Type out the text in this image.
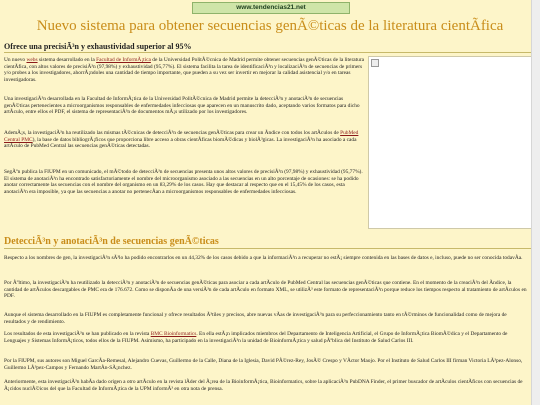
www.tendencias21.net
Nuevo sistema para obtener secuencias genÃ©ticas de la literatura cientÃfica
Ofrece una precisiÃ³n y exhaustividad superior al 95%
Un nuevo webs sistema desarrollado en la Facultad de InformÃ¡tica de la Universidad PolitÃ©cnica de Madrid permite obtener secuencias genÃ©ticas de la literatura cientÃfica, con altos valores de precisiÃ³n (97,98%) y exhaustividad (95,77%). El sistema facilita la tarea de identificaciÃ³n y localizaciÃ³n de secuencias de primers y/o probes a los investigadores, ahorrÃ¡ndoles una cantidad de tiempo importante, que pueden a su vez ser invertir en mejorar la calidad asistencial y/o en tareas investigadoras.
Una investigaciÃ³n desarrollada en la Facultad de InformÃ¡tica de la Universidad PolitÃ©cnica de Madrid permite la detecciÃ³n y anotaciÃ³n de secuencias genÃ©ticas pertenecientes a microorganismos responsables de enfermedades infecciosas que aparecen en un manuscrito dado, aceptando varios formatos para dicho artÃculo, entre ellos el PDF, el sistema de representaciÃ³n de documentos mÃ¡s utilizado por los investigadores.
AdemÃ¡s, la investigaciÃ³n ha reutilizado las mismas tÃ©cnicas de detecciÃ³n de secuencias genÃ©ticas para crear un Ãndice con todos los artÃculos de PubMed Central PMC), la base de datos bibliogrÃ¡ficos que proporciona libre acceso a obras cientÃficas biomÃ©dicas y biolÃ³gicas. La investigaciÃ³n ha asociado a cada artÃculo de PubMed Central las secuencias genÃ©ticas detectadas.
SegÃºn publica la FIUPM en un comunicado, el mÃ©todo de detecciÃ³n de secuencias presenta unos altos valores de precisiÃ³n (97,98%) y exhaustividad (95,77%). El sistema de anotaciÃ³n ha encontrado satisfactoriamente el nombre del microorganismo asociado a las secuencias en un alto porcentaje de ocasiones: se ha podido anotar correctamente las secuencias con el nombre del organismo en un 83,29% de los casos. Hay que destacar al respecto que en el 15,45% de los casos, esta anotaciÃ³n era imposible, ya que las secuencias a anotar no pertenecÃan a microorganismos responsables de enfermedades infecciosas.
DetecciÃ³n y anotaciÃ³n de secuencias genÃ©ticas
Respecto a los nombres de gen, la investigaciÃ³n sÃ³lo ha podido encontrarlos en un 44,32% de los casos debido a que la informaciÃ³n a recuperar no estÃ¡ siempre contenida en las bases de datos e, incluso, puede no ser conocida todavÃa.
Por Ãºltimo, la investigaciÃ³n ha reutilizado la detecciÃ³n y anotaciÃ³n de secuencias genÃ©ticas para asociar a cada artÃculo de PubMed Central las secuencias genÃ©ticas que contiene. En el momento de la creaciÃ³n del Ãndice, la cantidad de artÃculos descargables de PMC era de 176.672. Como se disponÃa de una versiÃ³n de cada artÃculo en formato XML, se utilizÃ³ este formato de representaciÃ³n porque reduce los tiempos respecto al tratamiento de artÃculos en PDF.
Aunque el sistema desarrollado en la FIUPM es completamente funcional y ofrece resultados Ã³tiles y precisos, abre nuevas vÃas de investigaciÃ³n para su perfeccionamiento tanto en tÃ©rminos de funcionalidad como de mejora de resultados y de rendimiento.
Los resultados de esta investigaciÃ³n se han publicado en la revista BMC Bioinformatics. En ella estÃ¡n implicados miembros del Departamento de Inteligencia Artificial, el Grupo de InformÃ¡tica BiomÃ©dica y el Departamento de Lenguajes y Sistemas InformÃ¡ticos, todos ellos de la FIUPM. Asimismo, ha participado en la investigaciÃ³n la unidad de BioinformÃ¡tica y salud pÃºblica del Instituto de Salud Carlos III.
Por la FIUPM, sus autores son Miguel GarcÃa-Remesal, Alejandro Cuevas, Guillermo de la Calle, Diana de la Iglesia, David PÃ©rez-Rey, JosÃ© Crespo y VÃctor Maojo. Por el Instituto de Salud Carlos III firman Victoria LÃ³pez-Alonso, Guillermo LÃ³pez-Campos y Fernando MartÃn-SÃ¡nchez.
Anteriormente, esta investigaciÃ³n habÃa dado origen a otro artÃculo en la revista lÃder del Ã¡rea de la BioinformÃ¡tica, Bioinformatics, sobre la aplicaciÃ³n PubDNA Finder, el primer buscador de artÃculos cientÃficos con secuencias de Ã¡cidos nuclÃ©icos del que la Facultad de InformÃ¡tica de la UPM informÃ³ en otra nota de prensa.
